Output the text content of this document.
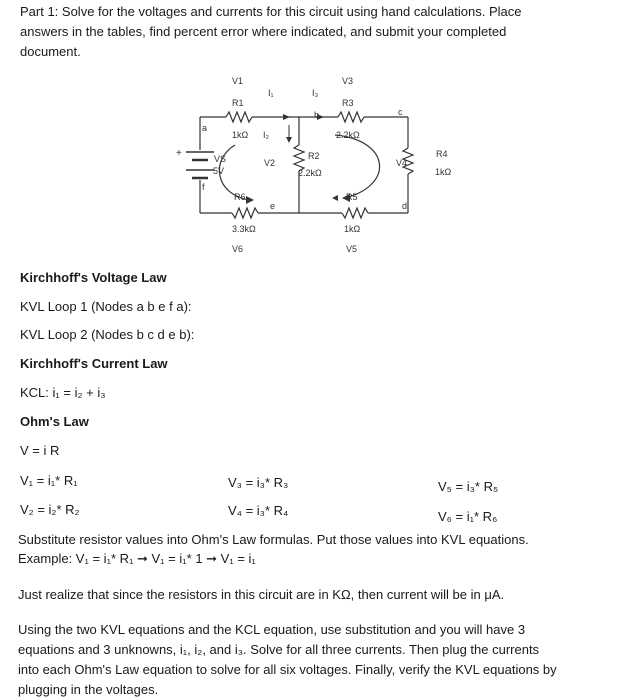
Part 1: Solve for the voltages and currents for this circuit using hand calculations. Place
answers in the tables, find percent error where indicated, and submit your completed
document.
+
V1	V3
I₁	I₃
R1	R3
b	c
a
1kΩ I₂	2.2kΩ
VS	V2
R2
V4
R4
5V	2.2kΩ	1kΩ
f
R6
e
R5
d
3.3kΩ	1kΩ
V6	V5
Kirchhoff's Voltage Law
KVL Loop 1 (Nodes a b e f a):
KVL Loop 2 (Nodes b c d e b):
Kirchhoff's Current Law
KCL: i₁ = i₂ + i₃
Ohm's Law
V = i R
V₁ = i₁* R₁	V₃ = i₃* R₃	V₅ = i₃* R₅
V₂ = i₂* R₂	V₄ = i₃* R₄	V₆ = i₁* R₆
Substitute resistor values into Ohm's Law formulas. Put those values into KVL equations.
Example: V₁ = i₁* R₁ ➞ V₁ = i₁* 1 ➞ V₁ = i₁
Just realize that since the resistors in this circuit are in KΩ, then current will be in μA.
Using the two KVL equations and the KCL equation, use substitution and you will have 3
equations and 3 unknowns, i₁, i₂, and i₃. Solve for all three currents. Then plug the currents
into each Ohm's Law equation to solve for all six voltages. Finally, verify the KVL equations by
plugging in the voltages.
